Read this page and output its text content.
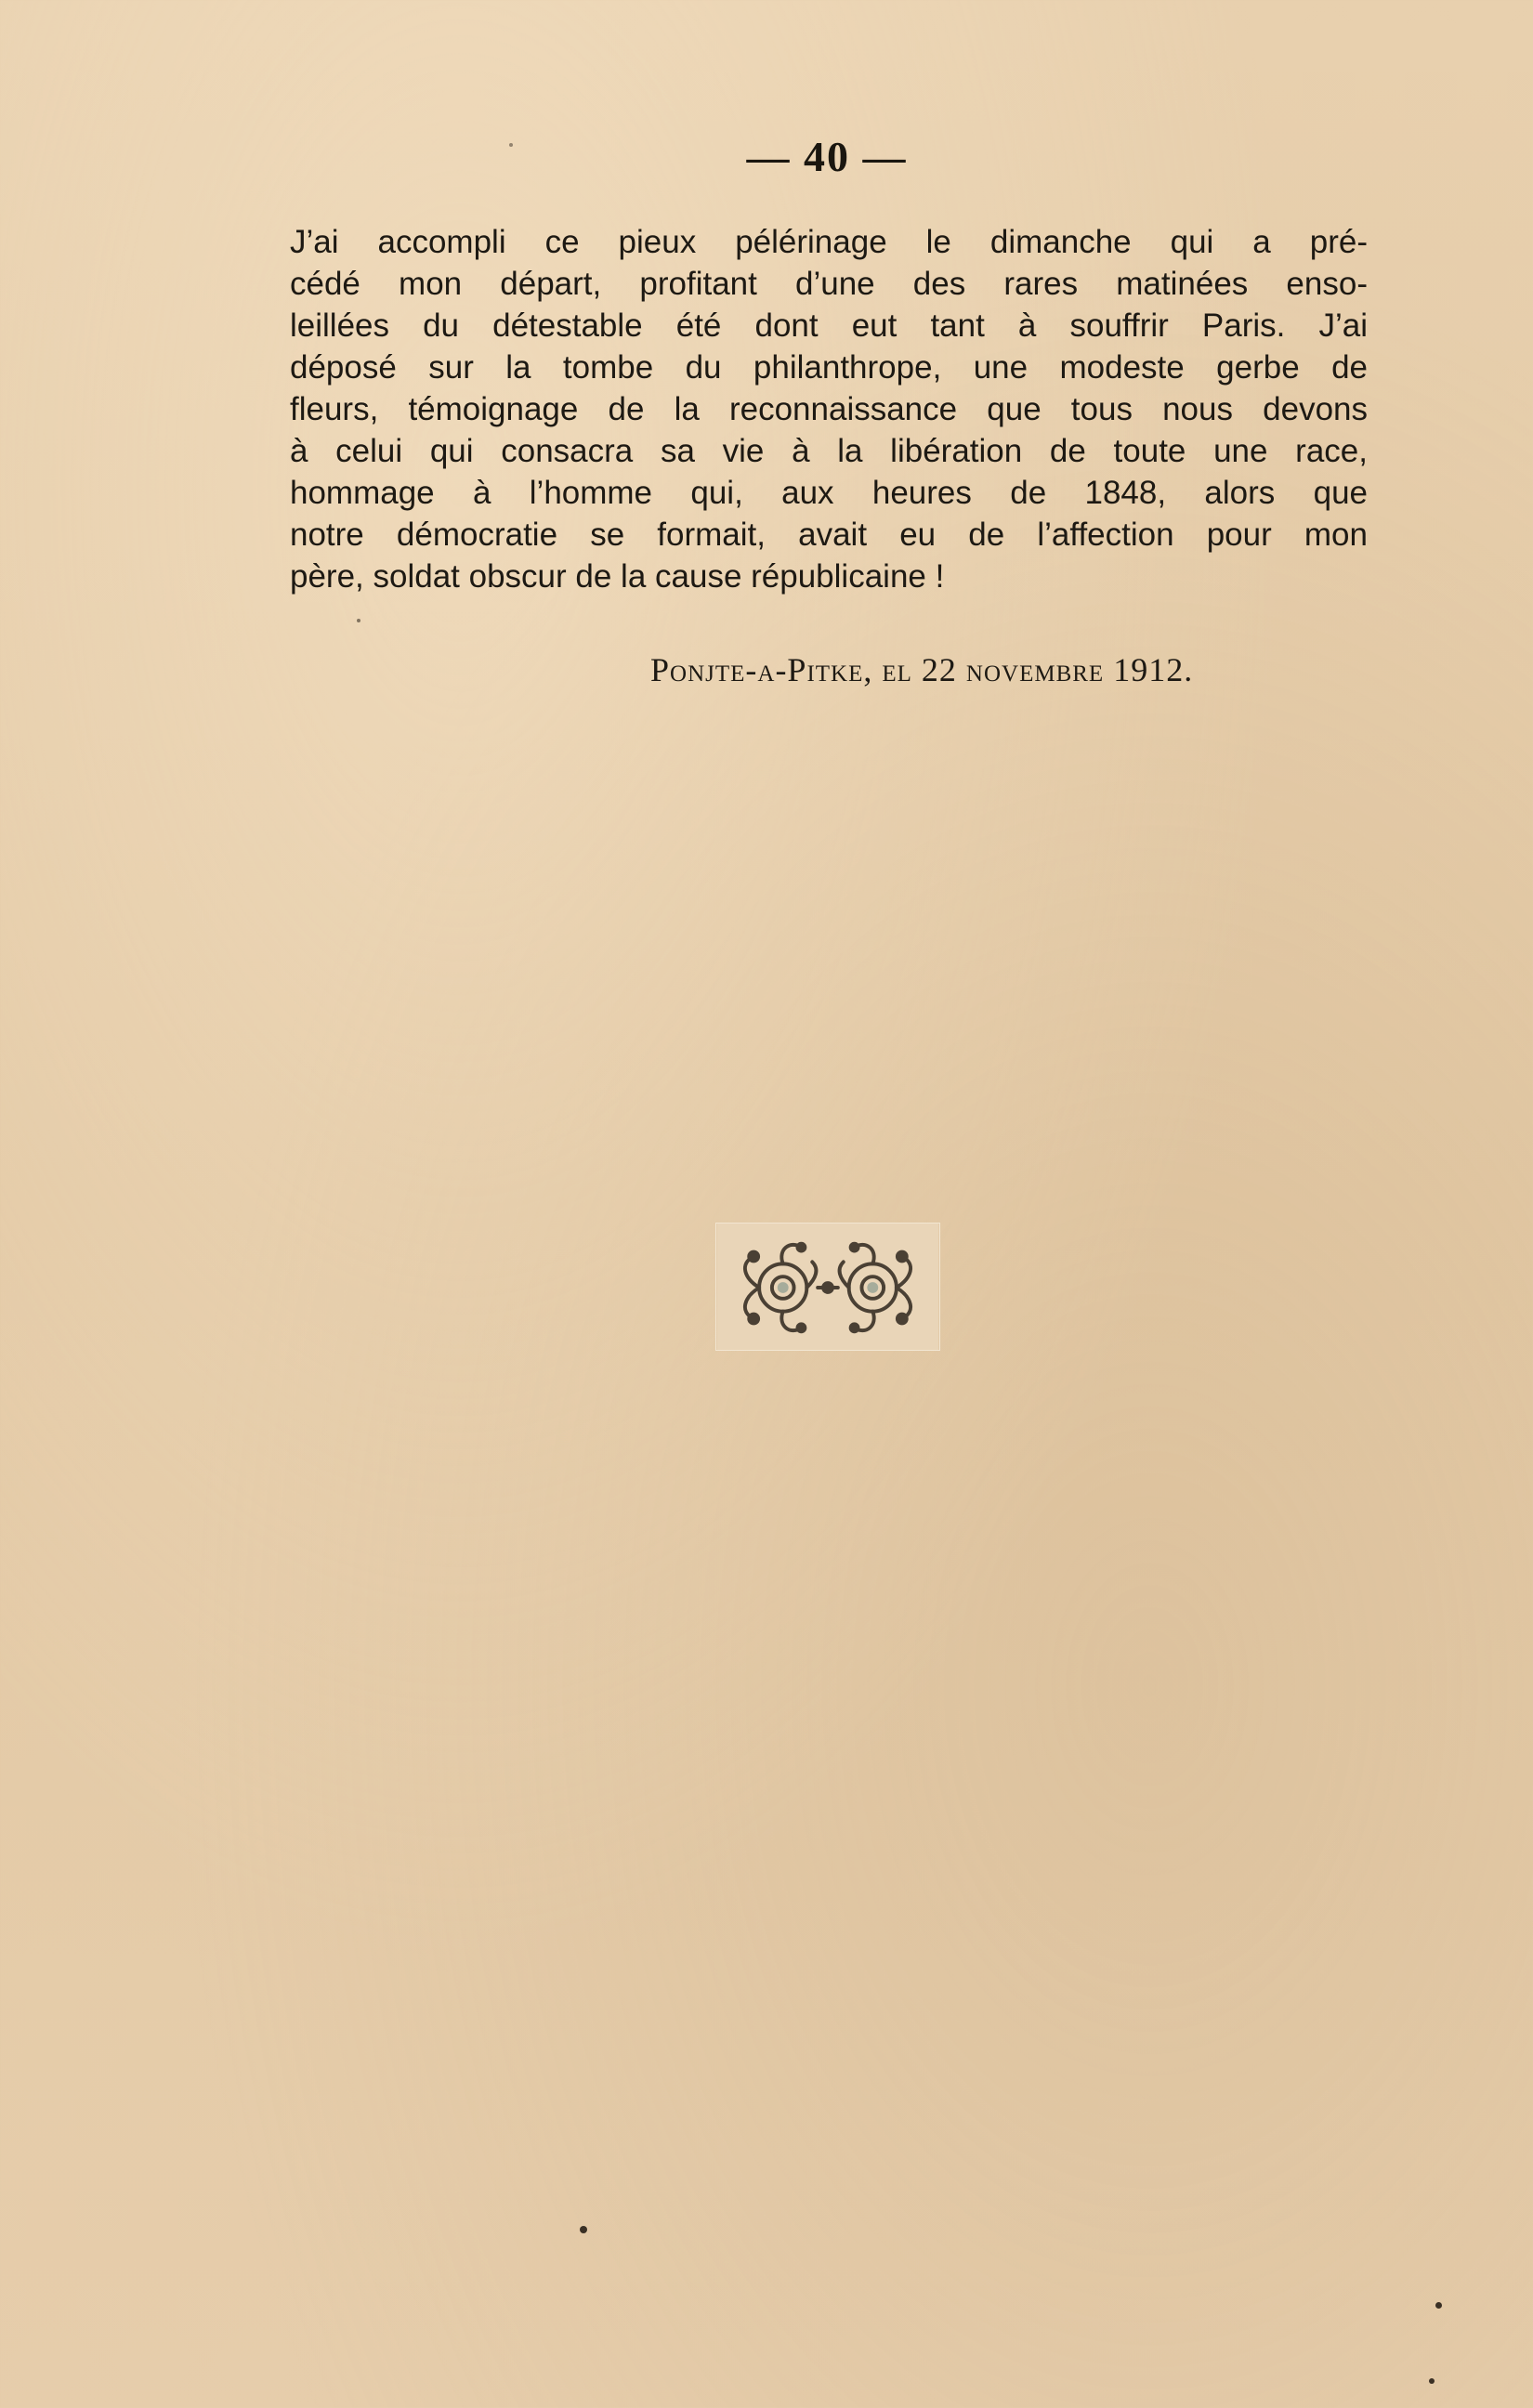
— 40 —
J’ai accompli ce pieux pélérinage le dimanche qui a pré-
cédé mon départ, profitant d’une des rares matinées enso-
leillées du détestable été dont eut tant à souffrir Paris. J’ai
déposé sur la tombe du philanthrope, une modeste gerbe de
fleurs, témoignage de la reconnaissance que tous nous devons
à celui qui consacra sa vie à la libération de toute une race,
hommage à l’homme qui, aux heures de 1848, alors que
notre démocratie se formait, avait eu de l’affection pour mon
père, soldat obscur de la cause républicaine !
Ponjte-a-Pitke, el 22 novembre 1912.
